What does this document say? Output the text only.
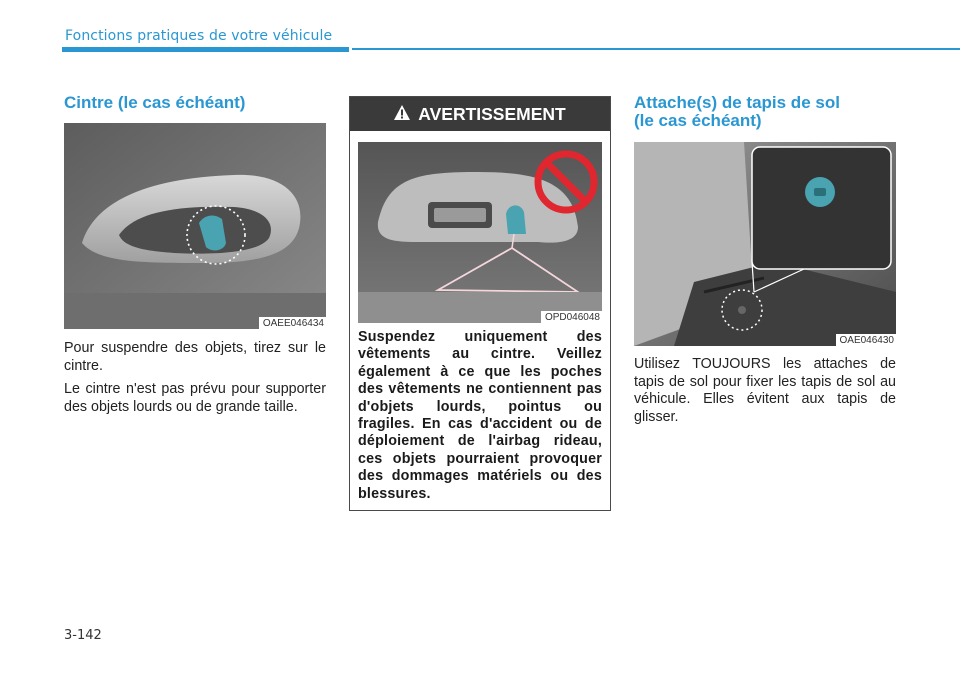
Fonctions pratiques de votre véhicule
Cintre (le cas échéant)
OAEE046434

Pour suspendre des objets, tirez sur le cintre.

Le cintre n'est pas prévu pour supporter des objets lourds ou de grande taille.

AVERTISSEMENT
OPD046048
Suspendez uniquement des vêtements au cintre. Veillez également à ce que les poches des vêtements ne contiennent pas d'objets lourds, pointus ou fragiles. En cas d'accident ou de déploiement de l'airbag rideau, ces objets pourraient provoquer des dommages matériels ou des blessures.
Attache(s) de tapis de sol
(le cas échéant)
OAE046430

Utilisez TOUJOURS les attaches de tapis de sol pour fixer les tapis de sol au véhicule. Elles évitent aux tapis de glisser.

3-142
